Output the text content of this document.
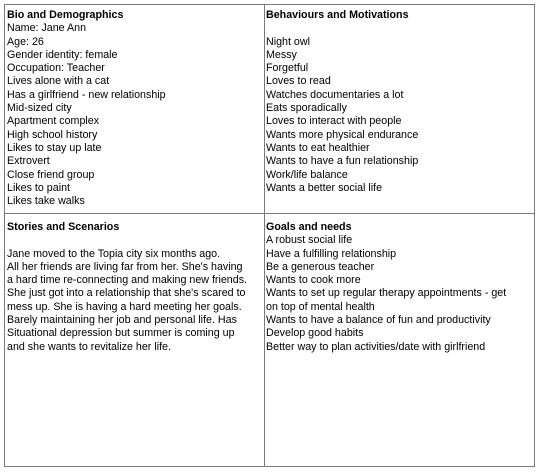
Bio and Demographics
Name: Jane Ann
Age: 26
Gender identity: female
Occupation: Teacher
Lives alone with a cat
Has a girlfriend - new relationship
Mid-sized city
Apartment complex
High school history
Likes to stay up late
Extrovert
Close friend group
Likes to paint
Likes take walks
Behaviours and Motivations
Night owl
Messy
Forgetful
Loves to read
Watches documentaries a lot
Eats sporadically
Loves to interact with people
Wants more physical endurance
Wants to eat healthier
Wants to have a fun relationship
Work/life balance
Wants a better social life
Stories and Scenarios

Jane moved to the Topia city six months ago.

All her friends are living far from her. She's having

a hard time re-connecting and making new friends.

She just got into a relationship that she's scared to

mess up. She is having a hard meeting her goals.

Barely maintaining her job and personal life. Has

Situational depression but summer is coming up

and she wants to revitalize her life.

Goals and needs
A robust social life
Have a fulfilling relationship
Be a generous teacher
Wants to cook more
Wants to set up regular therapy appointments - get
on top of mental health
Wants to have a balance of fun and productivity
Develop good habits
Better way to plan activities/date with girlfriend
